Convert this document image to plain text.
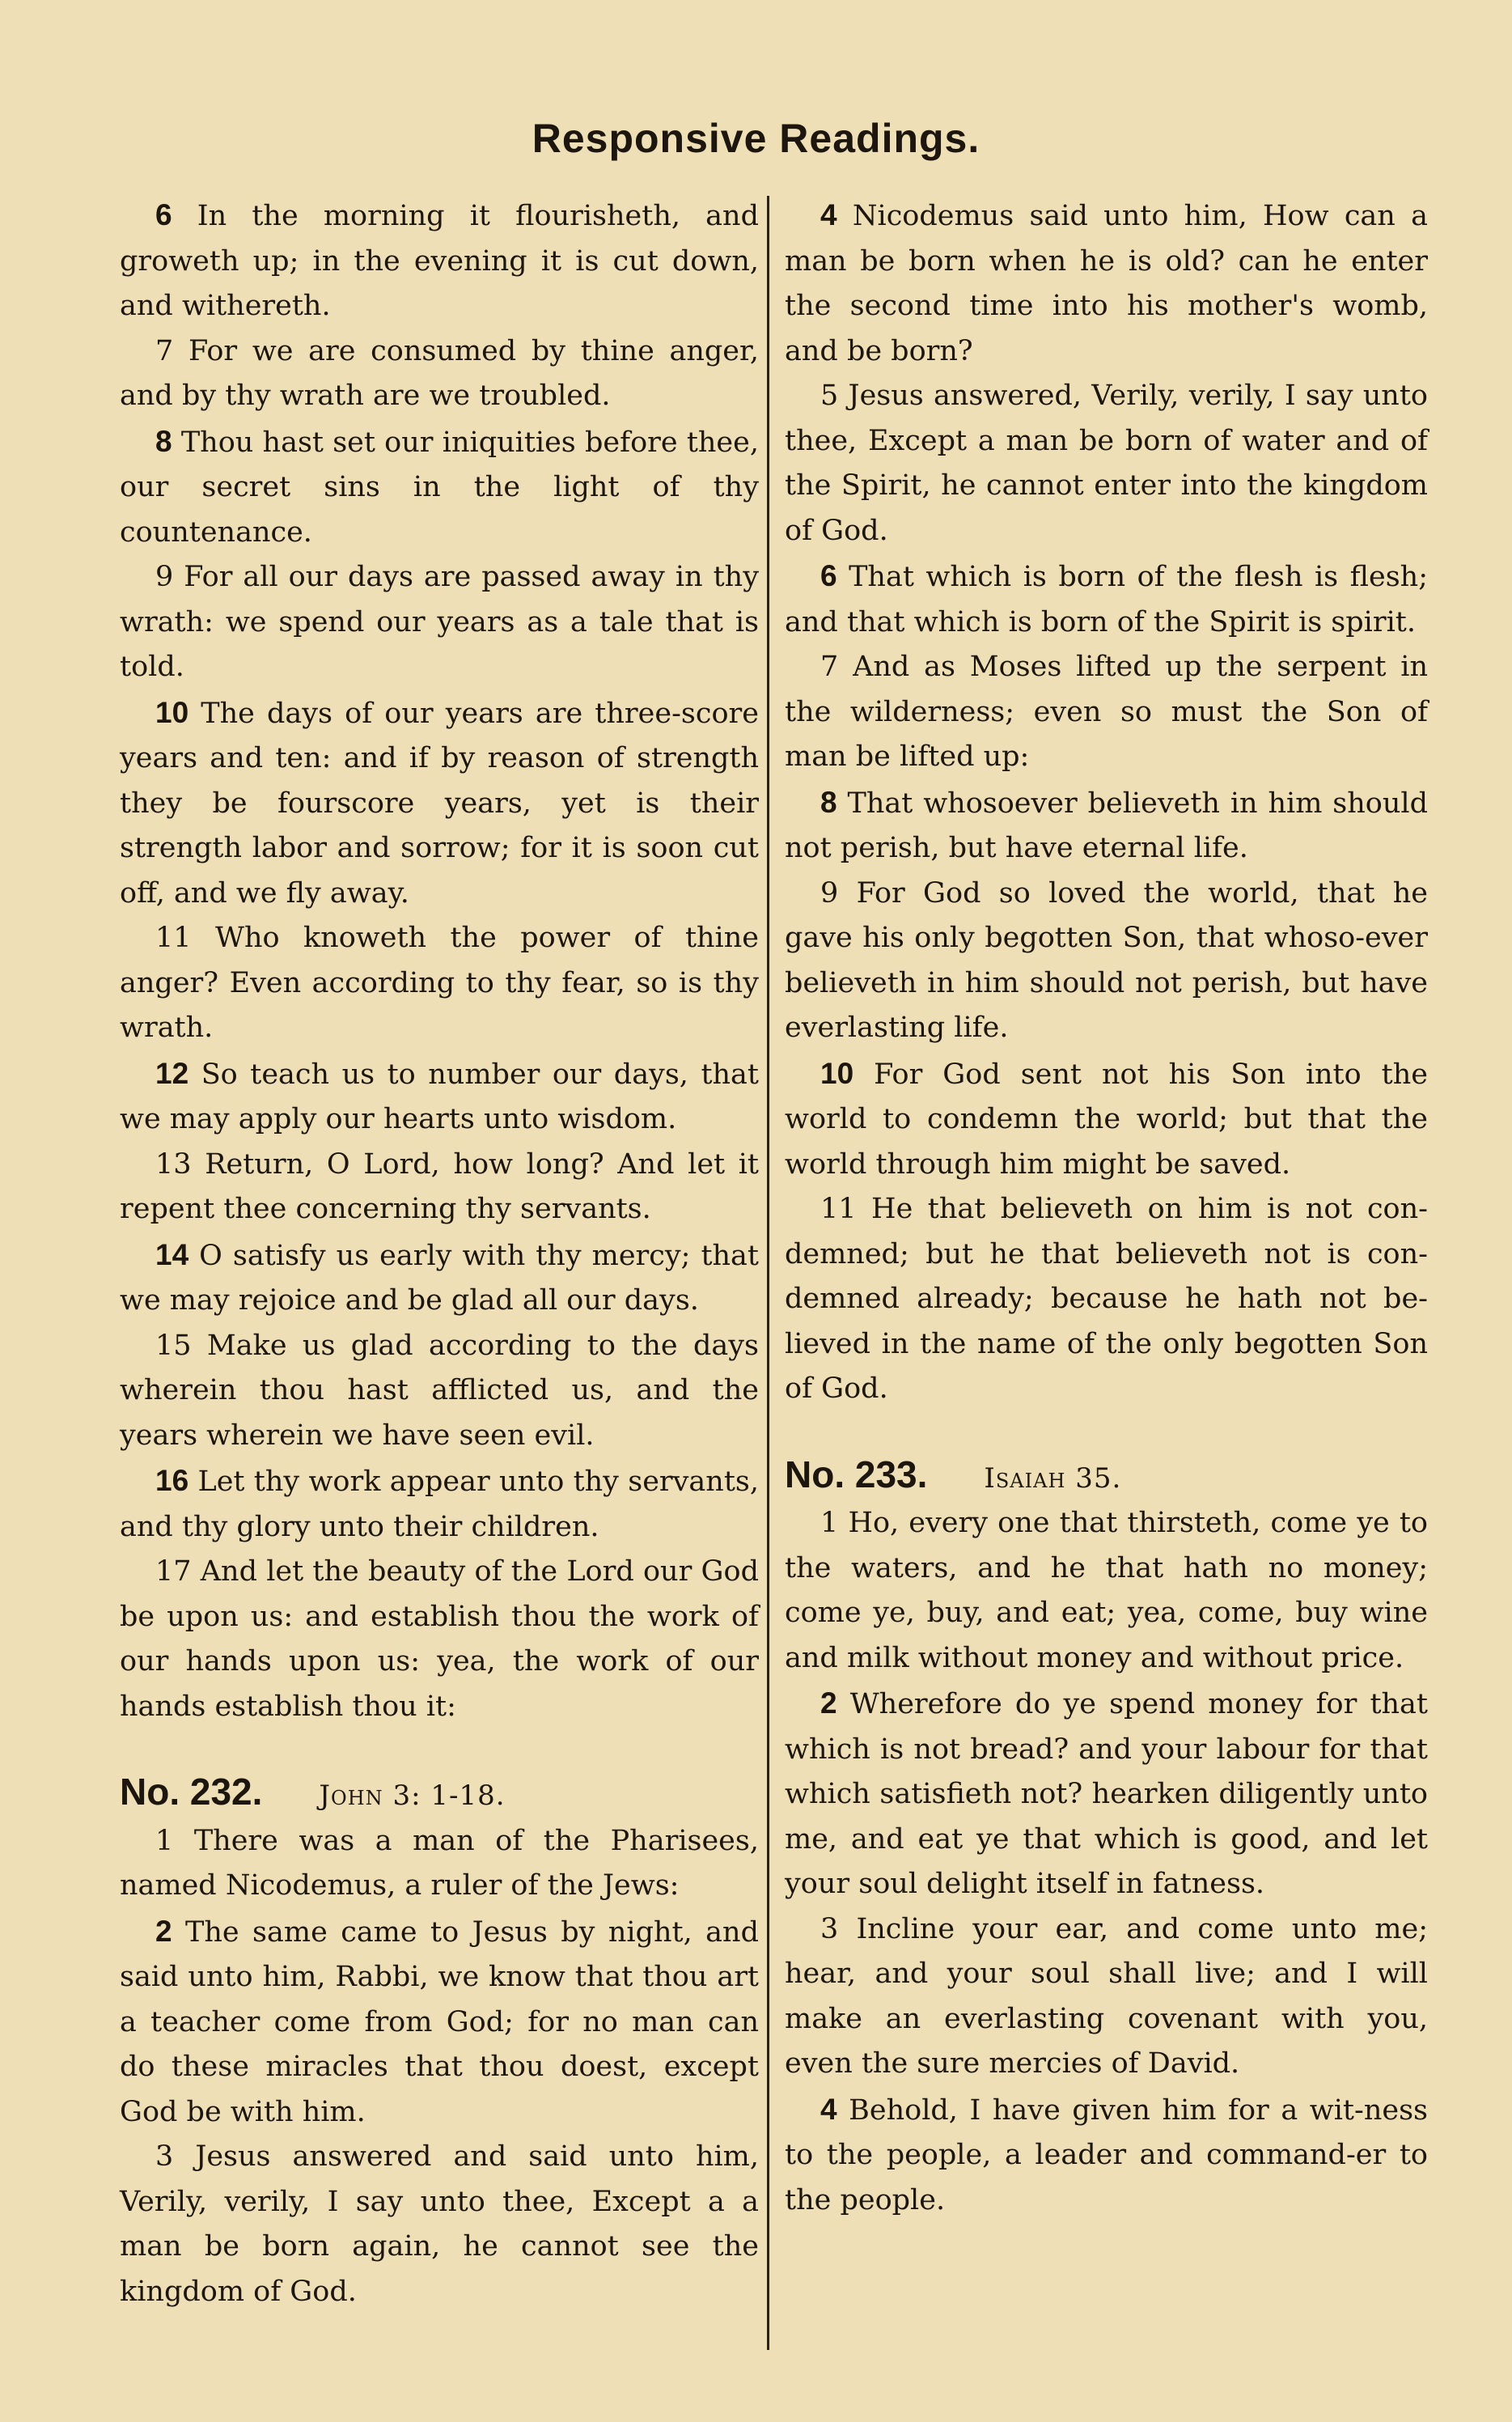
Responsive Readings.

6 In the morning it flourisheth, and groweth up; in the evening it is cut down, and withereth.

7 For we are consumed by thine anger, and by thy wrath are we troubled.

8 Thou hast set our iniquities before thee, our secret sins in the light of thy countenance.

9 For all our days are passed away in thy wrath: we spend our years as a tale that is told.

10 The days of our years are three-score years and ten: and if by reason of strength they be fourscore years, yet is their strength labor and sorrow; for it is soon cut off, and we fly away.

11 Who knoweth the power of thine anger? Even according to thy fear, so is thy wrath.

12 So teach us to number our days, that we may apply our hearts unto wisdom.

13 Return, O Lord, how long? And let it repent thee concerning thy servants.

14 O satisfy us early with thy mercy; that we may rejoice and be glad all our days.

15 Make us glad according to the days wherein thou hast afflicted us, and the years wherein we have seen evil.

16 Let thy work appear unto thy servants, and thy glory unto their children.

17 And let the beauty of the Lord our God be upon us: and establish thou the work of our hands upon us: yea, the work of our hands establish thou it:

No. 232. John 3: 1-18.

1 There was a man of the Pharisees, named Nicodemus, a ruler of the Jews:

2 The same came to Jesus by night, and said unto him, Rabbi, we know that thou art a teacher come from God; for no man can do these miracles that thou doest, except God be with him.

3 Jesus answered and said unto him, Verily, verily, I say unto thee, Except a a man be born again, he cannot see the kingdom of God.

4 Nicodemus said unto him, How can a man be born when he is old? can he enter the second time into his mother's womb, and be born?

5 Jesus answered, Verily, verily, I say unto thee, Except a man be born of water and of the Spirit, he cannot enter into the kingdom of God.

6 That which is born of the flesh is flesh; and that which is born of the Spirit is spirit.

7 And as Moses lifted up the serpent in the wilderness; even so must the Son of man be lifted up:

8 That whosoever believeth in him should not perish, but have eternal life.

9 For God so loved the world, that he gave his only begotten Son, that whoso-ever believeth in him should not perish, but have everlasting life.

10 For God sent not his Son into the world to condemn the world; but that the world through him might be saved.

11 He that believeth on him is not con-demned; but he that believeth not is con-demned already; because he hath not be-lieved in the name of the only begotten Son of God.

No. 233. Isaiah 35.

1 Ho, every one that thirsteth, come ye to the waters, and he that hath no money; come ye, buy, and eat; yea, come, buy wine and milk without money and without price.

2 Wherefore do ye spend money for that which is not bread? and your labour for that which satisfieth not? hearken diligently unto me, and eat ye that which is good, and let your soul delight itself in fatness.

3 Incline your ear, and come unto me; hear, and your soul shall live; and I will make an everlasting covenant with you, even the sure mercies of David.

4 Behold, I have given him for a wit-ness to the people, a leader and command-er to the people.
